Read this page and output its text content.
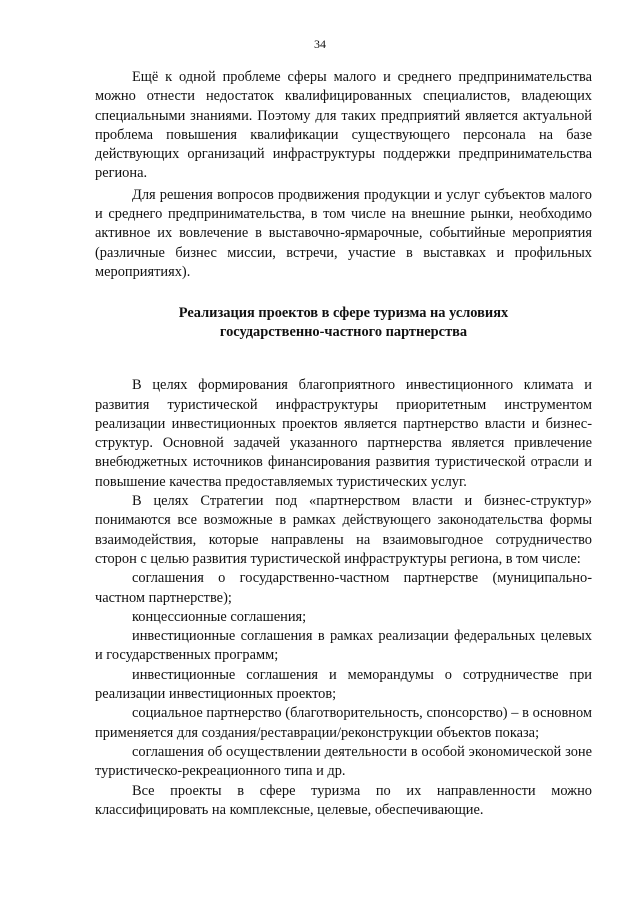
34

Ещё к одной проблеме сферы малого и среднего предпринимательства можно отнести недостаток квалифицированных специалистов, владеющих специальными знаниями. Поэтому для таких предприятий является актуальной проблема повышения квалификации существующего персонала на базе действующих организаций инфраструктуры поддержки предпринимательства региона.

Для решения вопросов продвижения продукции и услуг субъектов малого и среднего предпринимательства, в том числе на внешние рынки, необходимо активное их вовлечение в выставочно-ярмарочные, событийные мероприятия (различные бизнес миссии, встречи, участие в выставках и профильных мероприятиях).

Реализация проектов в сфере туризма на условиях
государственно-частного партнерства

В целях формирования благоприятного инвестиционного климата и развития туристической инфраструктуры приоритетным инструментом реализации инвестиционных проектов является партнерство власти и бизнес-структур. Основной задачей указанного партнерства является привлечение внебюджетных источников финансирования развития туристической отрасли и повышение качества предоставляемых туристических услуг.

В целях Стратегии под «партнерством власти и бизнес-структур» понимаются все возможные в рамках действующего законодательства формы взаимодействия, которые направлены на взаимовыгодное сотрудничество сторон с целью развития туристической инфраструктуры региона, в том числе:

соглашения о государственно-частном партнерстве (муниципально-частном партнерстве);

концессионные соглашения;

инвестиционные соглашения в рамках реализации федеральных целевых и государственных программ;

инвестиционные соглашения и меморандумы о сотрудничестве при реализации инвестиционных проектов;

социальное партнерство (благотворительность, спонсорство) – в основном применяется для создания/реставрации/реконструкции объектов показа;

соглашения об осуществлении деятельности в особой экономической зоне туристическо-рекреационного типа и др.

Все проекты в сфере туризма по их направленности можно классифицировать на комплексные, целевые, обеспечивающие.
